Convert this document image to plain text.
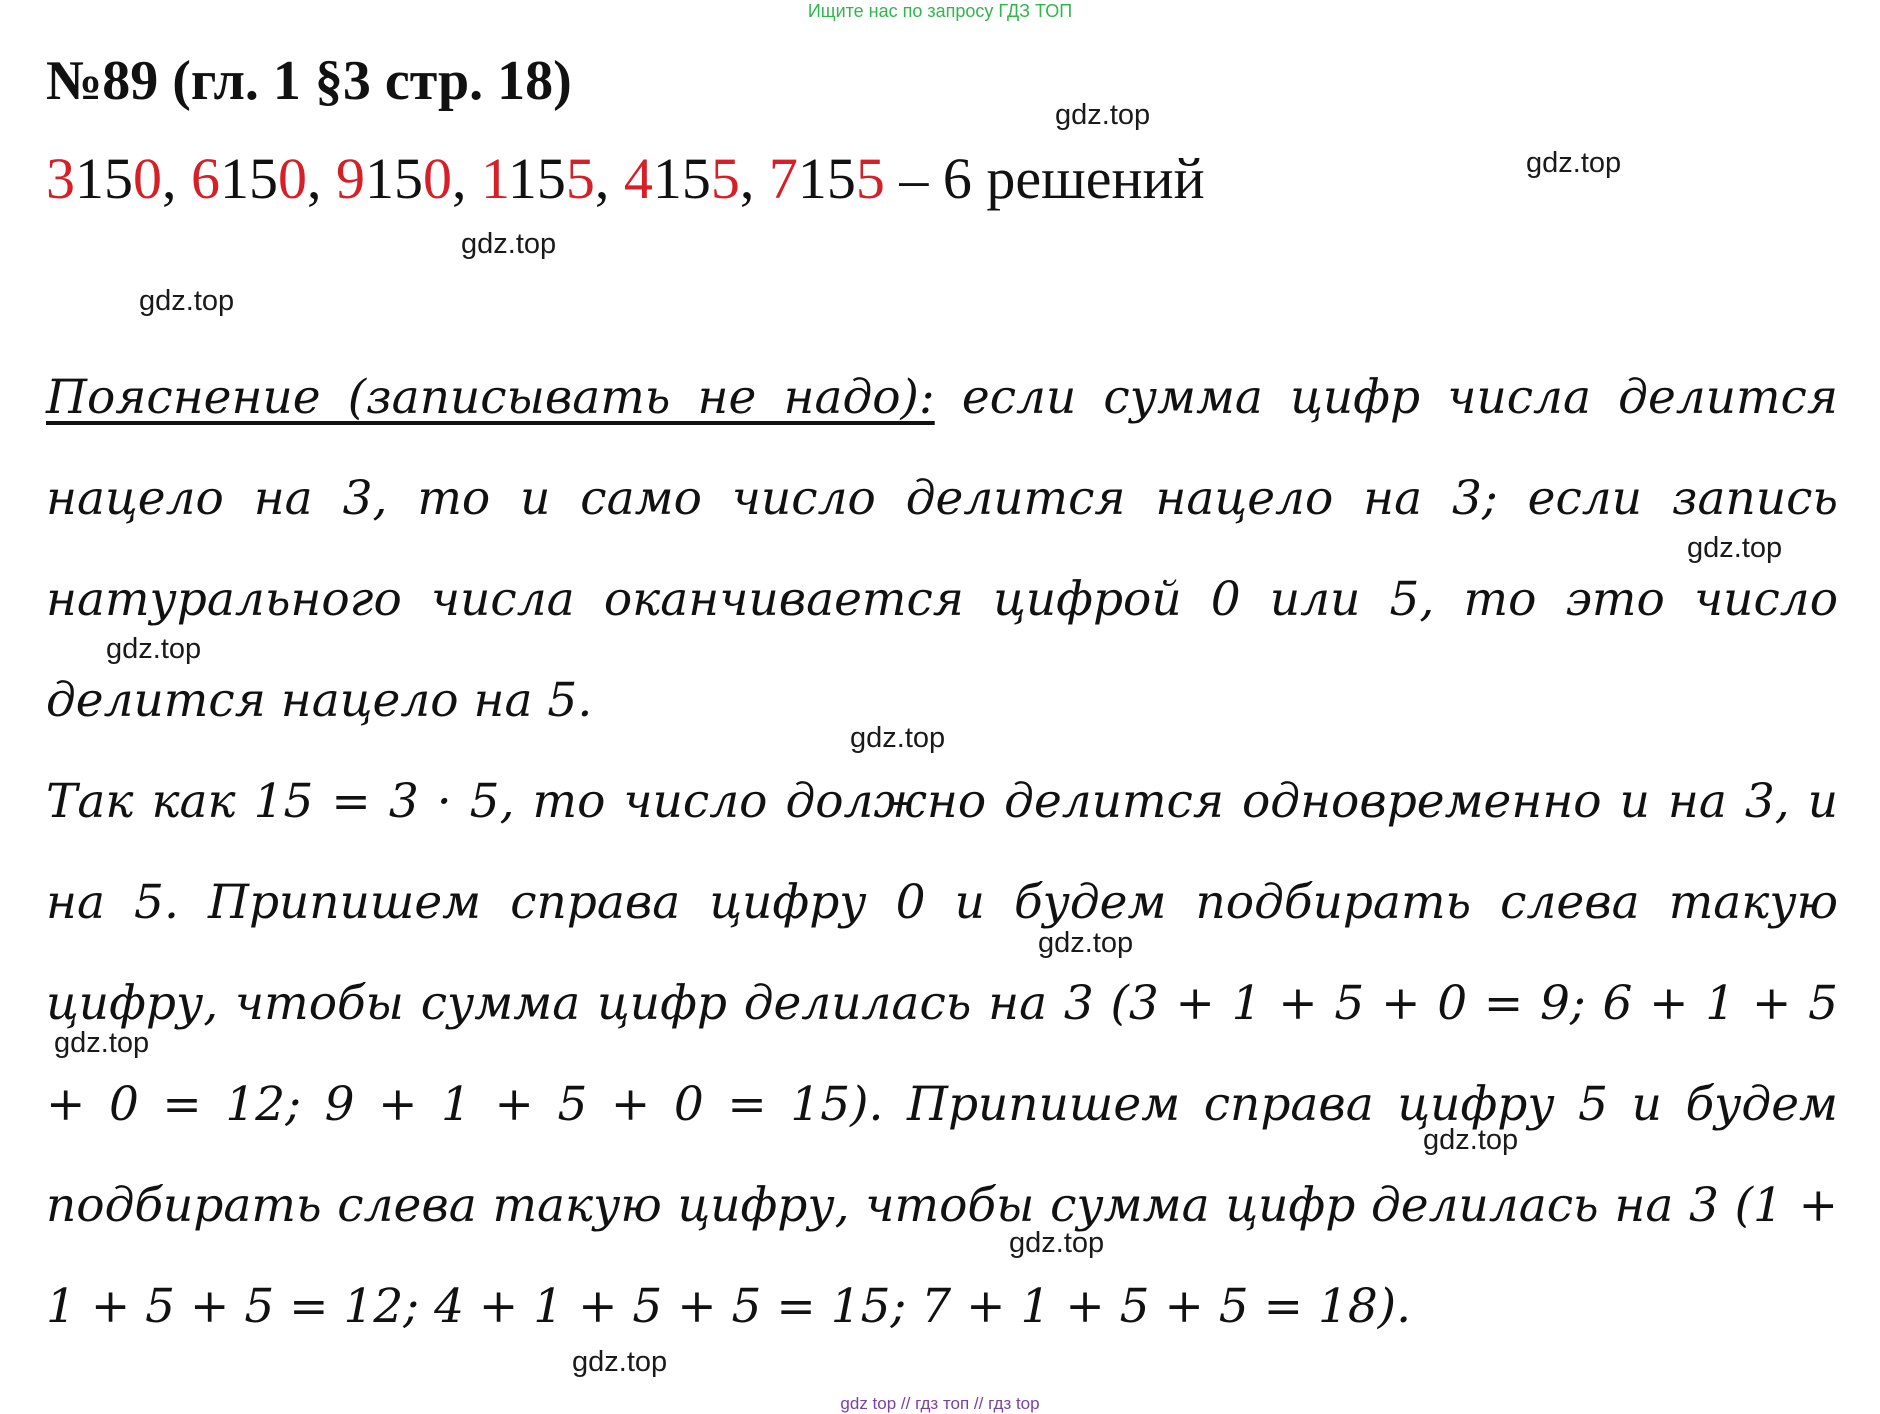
Ищите нас по запросу ГДЗ ТОП
№89 (гл. 1 §3 стр. 18)
3150, 6150, 9150, 1155, 4155, 7155 – 6 решений

Пояснение (записывать не надо): если сумма цифр числа делится нацело на 3, то и само число делится нацело на 3; если запись натурального числа оканчивается цифрой 0 или 5, то это число делится нацело на 5.

Так как 15 = 3 · 5, то число должно делится одновременно и на 3, и на 5. Припишем справа цифру 0 и будем подбирать слева такую цифру, чтобы сумма цифр делилась на 3 (3 + 1 + 5 + 0 = 9; 6 + 1 + 5 + 0 = 12; 9 + 1 + 5 + 0 = 15). Припишем справа цифру 5 и будем подбирать слева такую цифру, чтобы сумма цифр делилась на 3 (1 + 1 + 5 + 5 = 12; 4 + 1 + 5 + 5 = 15; 7 + 1 + 5 + 5 = 18).

gdz.top
gdz.top
gdz.top
gdz.top
gdz.top
gdz.top
gdz.top
gdz.top
gdz.top
gdz.top
gdz.top
gdz.top
gdz top // гдз топ // гдз top
